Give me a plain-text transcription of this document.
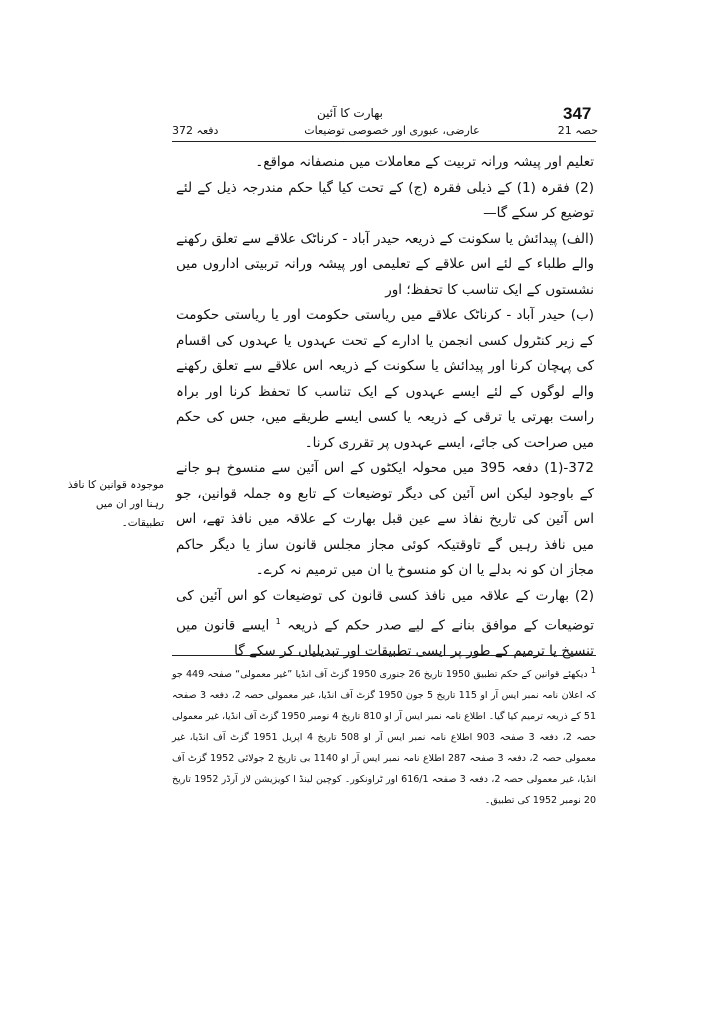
347
بھارت کا آئین
دفعہ 372	عارضی، عبوری اور خصوصی توضیعات	حصہ 21

تعلیم اور پیشہ ورانہ تربیت کے معاملات میں منصفانہ مواقع۔

(2) فقرہ (1) کے ذیلی فقرہ (ج) کے تحت کیا گیا حکم مندرجہ ذیل کے لئے توضیع کر سکے گا—

(الف) پیدائش یا سکونت کے ذریعہ حیدر آباد - کرناٹک علاقے سے تعلق رکھنے والے طلباء کے لئے اس علاقے کے تعلیمی اور پیشہ ورانہ تربیتی اداروں میں نشستوں کے ایک تناسب کا تحفظ؛ اور

(ب) حیدر آباد - کرناٹک علاقے میں ریاستی حکومت اور یا ریاستی حکومت کے زیر کنٹرول کسی انجمن یا ادارے کے تحت عہدوں یا عہدوں کی اقسام کی پہچان کرنا اور پیدائش یا سکونت کے ذریعہ اس علاقے سے تعلق رکھنے والے لوگوں کے لئے ایسے عہدوں کے ایک تناسب کا تحفظ کرنا اور براہ راست بھرتی یا ترقی کے ذریعہ یا کسی ایسے طریقے میں، جس کی حکم میں صراحت کی جائے، ایسے عہدوں پر تقرری کرنا۔

372-(1) دفعہ 395 میں محولہ ایکٹوں کے اس آئین سے منسوخ ہو جانے کے باوجود لیکن اس آئین کی دیگر توضیعات کے تابع وہ جملہ قوانین، جو اس آئین کی تاریخ نفاذ سے عین قبل بھارت کے علاقہ میں نافذ تھے، اس میں نافذ رہیں گے تاوقتیکہ کوئی مجاز مجلس قانون ساز یا دیگر حاکم مجاز ان کو نہ بدلے یا ان کو منسوخ یا ان میں ترمیم نہ کرے۔

(2) بھارت کے علاقہ میں نافذ کسی قانون کی توضیعات کو اس آئین کی توضیعات کے موافق بنانے کے لیے صدر حکم کے ذریعہ $^1$ ایسے قانون میں تنسیخ یا ترمیم کے طور پر ایسی تطبیقات اور تبدیلیاں کر سکے گا

موجودہ قوانین کا نافذ رہنا اور ان میں تطبیقات۔

$^1$ دیکھئے قوانین کے حکم تطبیق 1950 تاریخ 26 جنوری 1950 گزٹ آف انڈیا ”غیر معمولی“ صفحہ 449 جو کہ اعلان نامہ نمبر ایس آر او 115 تاریخ 5 جون 1950 گزٹ آف انڈیا، غیر معمولی حصہ 2، دفعہ 3 صفحہ 51 کے ذریعہ ترمیم کیا گیا۔ اطلاع نامہ نمبر ایس آر او 810 تاریخ 4 نومبر 1950 گزٹ آف انڈیا، غیر معمولی حصہ 2، دفعہ 3 صفحہ 903 اطلاع نامہ نمبر ایس آر او 508 تاریخ 4 اپریل 1951 گزٹ آف انڈیا، غیر معمولی حصہ 2، دفعہ 3 صفحہ 287 اطلاع نامہ نمبر ایس آر او 1140 بی تاریخ 2 جولائی 1952 گزٹ آف انڈیا، غیر معمولی حصہ 2، دفعہ 3 صفحہ 616/1 اور ٹراونکور۔ کوچین لینڈ ا کویزیشن لاز آرڈر 1952 تاریخ 20 نومبر 1952 کی تطبیق۔
